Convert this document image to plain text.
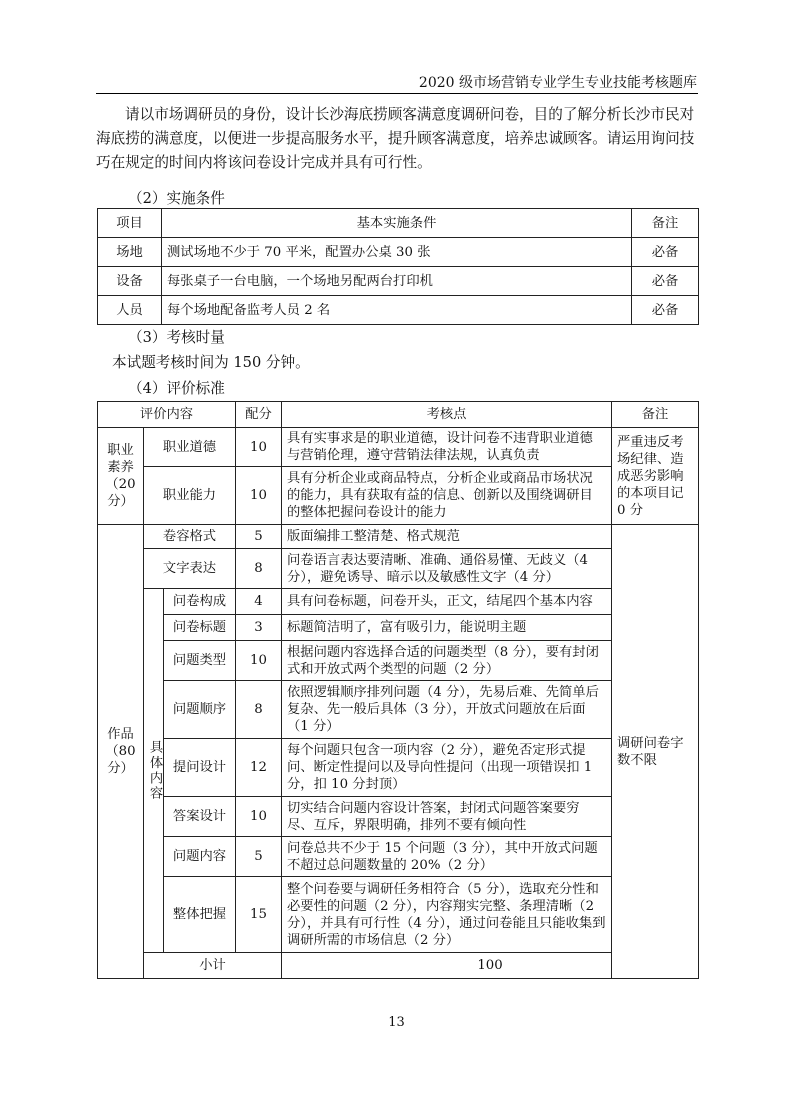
2020 级市场营销专业学生专业技能考核题库

请以市场调研员的身份，设计长沙海底捞顾客满意度调研问卷，目的了解分析长沙市民对海底捞的满意度，以便进一步提高服务水平，提升顾客满意度，培养忠诚顾客。请运用询问技巧在规定的时间内将该问卷设计完成并具有可行性。

（2）实施条件

项目	基本实施条件	备注
场地	测试场地不少于 70 平米，配置办公桌 30 张	必备
设备	每张桌子一台电脑，一个场地另配两台打印机	必备
人员	每个场地配备监考人员 2 名	必备

（3）考核时量

本试题考核时间为 150 分钟。

（4）评价标准

评价内容			配分	考核点	备注	
职业素养（20 分）	职业道德		10	具有实事求是的职业道德，设计问卷不违背职业道德与营销伦理，遵守营销法律法规，认真负责	严重违反考场纪律、造成恶劣影响的本项目记 0 分	
	职业能力		10	具有分析企业或商品特点，分析企业或商品市场状况的能力，具有获取有益的信息、创新以及围绕调研目的整体把握问卷设计的能力		
作品（80 分）	卷容格式		5	版面编排工整清楚、格式规范	调研问卷字数不限	
	文字表达		8	问卷语言表达要清晰、准确、通俗易懂、无歧义（4分），避免诱导、暗示以及敏感性文字（4 分）		

	具体内容	问卷构成	4	具有问卷标题，问卷开头，正文，结尾四个基本内容		
		问卷标题	3	标题简洁明了，富有吸引力，能说明主题		
		问题类型	10	根据问题内容选择合适的问题类型（8 分），要有封闭式和开放式两个类型的问题（2 分）		
		问题顺序	8	依照逻辑顺序排列问题（4 分），先易后难、先简单后复杂、先一般后具体（3 分），开放式问题放在后面（1 分）		
		提问设计	12	每个问题只包含一项内容（2 分），避免否定形式提问、断定性提问以及导向性提问（出现一项错误扣 1 分，扣 10 分封顶）		
		答案设计	10	切实结合问题内容设计答案，封闭式问题答案要穷尽、互斥，界限明确，排列不要有倾向性		
		问题内容	5	问卷总共不少于 15 个问题（3 分），其中开放式问题不超过总问题数量的 20%（2 分）		
		整体把握	15	整个问卷要与调研任务相符合（5 分），选取充分性和必要性的问题（2 分），内容翔实完整、条理清晰（2 分），并具有可行性（4 分），通过问卷能且只能收集到调研所需的市场信息（2 分）		
	小计			100		
13
